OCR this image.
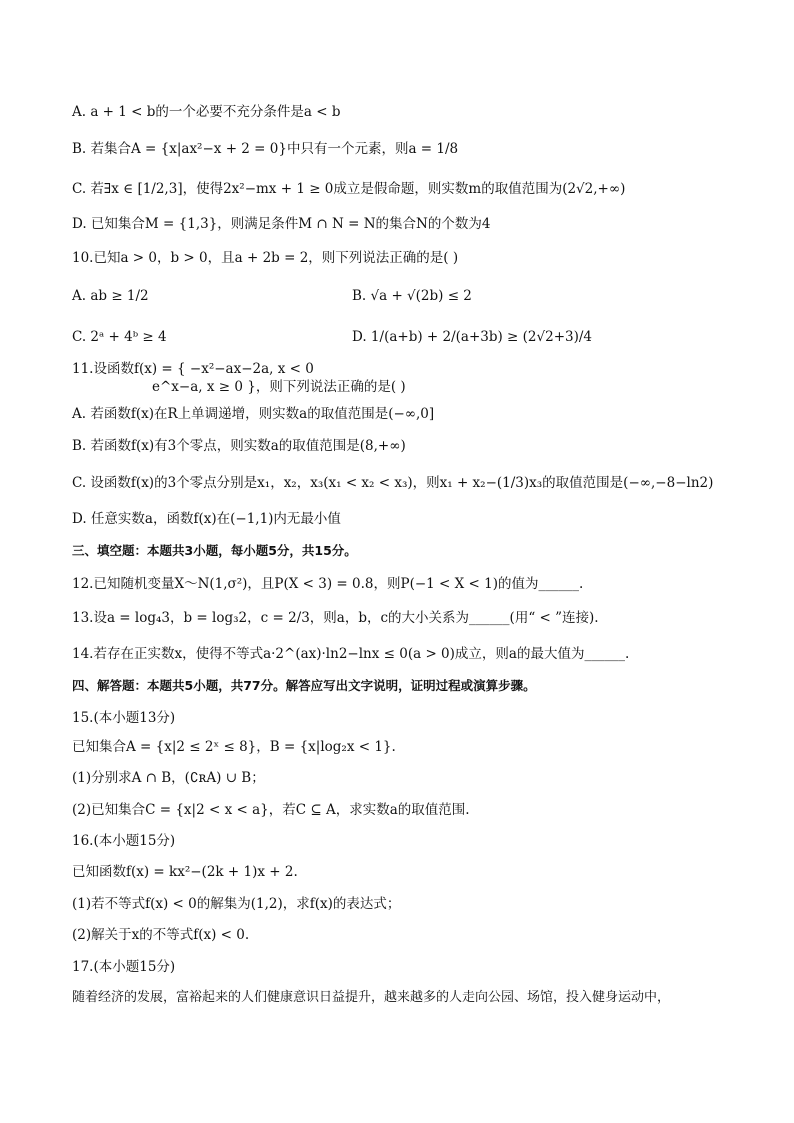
A. a + 1 < b的一个必要不充分条件是a < b
B. 若集合A = {x|ax²−x + 2 = 0}中只有一个元素，则a = 1/8
C. 若∃x ∈ [1/2,3]，使得2x²−mx + 1 ≥ 0成立是假命题，则实数m的取值范围为(2√2,+∞)
D. 已知集合M = {1,3}，则满足条件M ∩ N = N的集合N的个数为4
10.已知a > 0，b > 0，且a + 2b = 2，则下列说法正确的是( )
A. ab ≥ 1/2	B. √a + √(2b) ≤ 2
C. 2ᵃ + 4ᵇ ≥ 4	D. 1/(a+b) + 2/(a+3b) ≥ (2√2+3)/4
11.设函数f(x) = { −x²−ax−2a, x < 0
e^x−a, x ≥ 0 }，则下列说法正确的是( )
A. 若函数f(x)在R上单调递增，则实数a的取值范围是(−∞,0]
B. 若函数f(x)有3个零点，则实数a的取值范围是(8,+∞)
C. 设函数f(x)的3个零点分别是x₁，x₂，x₃(x₁ < x₂ < x₃)，则x₁ + x₂−(1/3)x₃的取值范围是(−∞,−8−ln2)
D. 任意实数a，函数f(x)在(−1,1)内无最小值
三、填空题：本题共3小题，每小题5分，共15分。
12.已知随机变量X～N(1,σ²)，且P(X < 3) = 0.8，则P(−1 < X < 1)的值为______.
13.设a = log₄3，b = log₃2，c = 2/3，则a，b，c的大小关系为______(用“ < ”连接).
14.若存在正实数x，使得不等式a·2^(ax)·ln2−lnx ≤ 0(a > 0)成立，则a的最大值为______.
四、解答题：本题共5小题，共77分。解答应写出文字说明，证明过程或演算步骤。
15.(本小题13分)
已知集合A = {x|2 ≤ 2ˣ ≤ 8}，B = {x|log₂x < 1}.
(1)分别求A ∩ B，(∁ʀA) ∪ B；
(2)已知集合C = {x|2 < x < a}，若C ⊆ A，求实数a的取值范围.
16.(本小题15分)
已知函数f(x) = kx²−(2k + 1)x + 2.
(1)若不等式f(x) < 0的解集为(1,2)，求f(x)的表达式；
(2)解关于x的不等式f(x) < 0.
17.(本小题15分)
随着经济的发展，富裕起来的人们健康意识日益提升，越来越多的人走向公园、场馆，投入健身运动中，
